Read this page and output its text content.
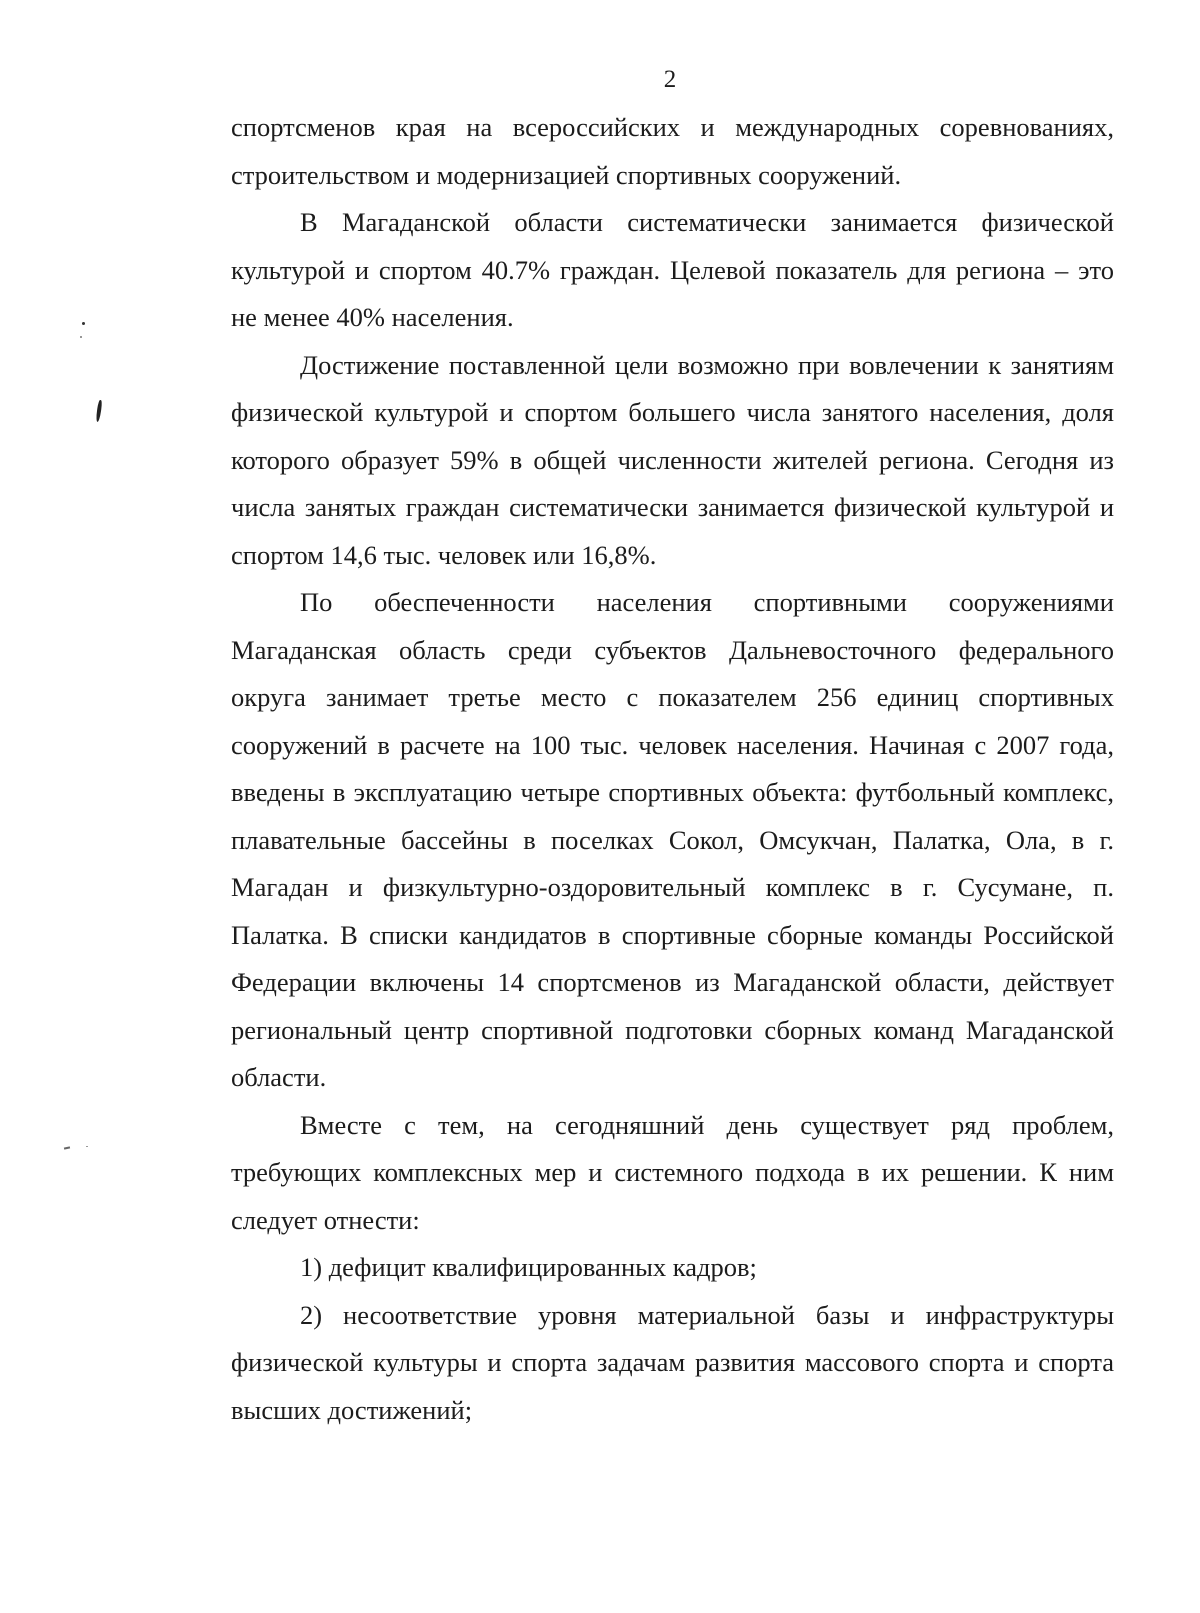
2

спортсменов края на всероссийских и международных соревнованиях, строительством и модернизацией спортивных сооружений.

В Магаданской области систематически занимается физической культурой и спортом 40.7% граждан. Целевой показатель для региона – это не менее 40% населения.

Достижение поставленной цели возможно при вовлечении к занятиям физической культурой и спортом большего числа занятого населения, доля которого образует 59% в общей численности жителей региона. Сегодня из числа занятых граждан систематически занимается физической культурой и спортом 14,6 тыс. человек или 16,8%.

По обеспеченности населения спортивными сооружениями Магаданская область среди субъектов Дальневосточного федерального округа занимает третье место с показателем 256 единиц спортивных сооружений в расчете на 100 тыс. человек населения. Начиная с 2007 года, введены в эксплуатацию четыре спортивных объекта: футбольный комплекс, плавательные бассейны в поселках Сокол, Омсукчан, Палатка, Ола, в г. Магадан и физкультурно-оздоровительный комплекс в г. Сусумане, п. Палатка. В списки кандидатов в спортивные сборные команды Российской Федерации включены 14 спортсменов из Магаданской области, действует региональный центр спортивной подготовки сборных команд Магаданской области.

Вместе с тем, на сегодняшний день существует ряд проблем, требующих комплексных мер и системного подхода в их решении. К ним следует отнести:

1) дефицит квалифицированных кадров;

2) несоответствие уровня материальной базы и инфраструктуры физической культуры и спорта задачам развития массового спорта и спорта высших достижений;
